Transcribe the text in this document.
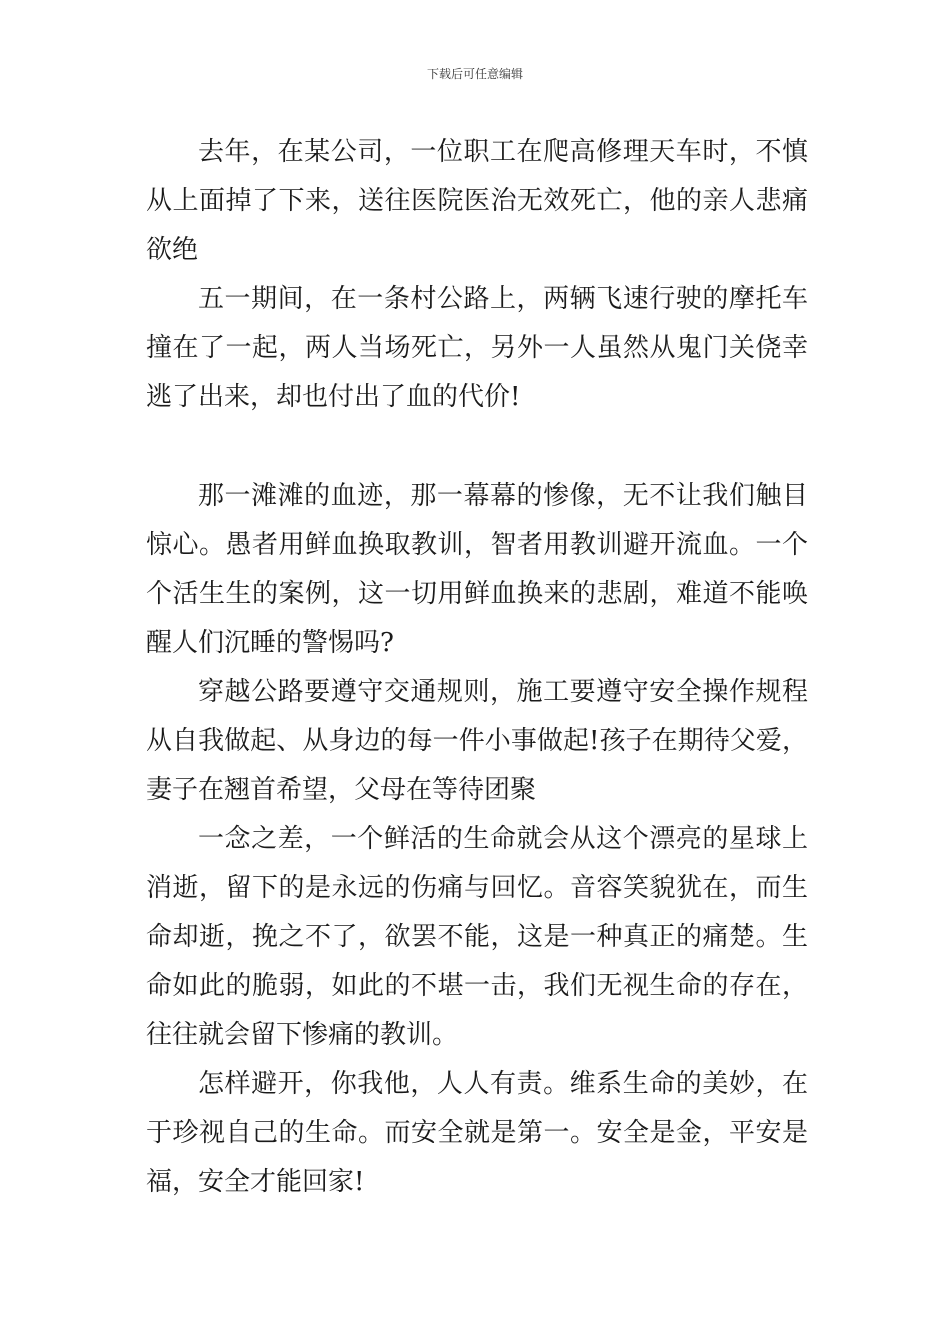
下载后可任意编辑

去年，在某公司，一位职工在爬高修理天车时，不慎从上面掉了下来，送往医院医治无效死亡，他的亲人悲痛欲绝

五一期间，在一条村公路上，两辆飞速行驶的摩托车撞在了一起，两人当场死亡，另外一人虽然从鬼门关侥幸逃了出来，却也付出了血的代价!

那一滩滩的血迹，那一幕幕的惨像，无不让我们触目惊心。愚者用鲜血换取教训，智者用教训避开流血。一个个活生生的案例，这一切用鲜血换来的悲剧，难道不能唤醒人们沉睡的警惕吗?

穿越公路要遵守交通规则，施工要遵守安全操作规程从自我做起、从身边的每一件小事做起!孩子在期待父爱，妻子在翘首希望，父母在等待团聚

一念之差，一个鲜活的生命就会从这个漂亮的星球上消逝，留下的是永远的伤痛与回忆。音容笑貌犹在，而生命却逝，挽之不了，欲罢不能，这是一种真正的痛楚。生命如此的脆弱，如此的不堪一击，我们无视生命的存在，往往就会留下惨痛的教训。

怎样避开，你我他，人人有责。维系生命的美妙，在于珍视自己的生命。而安全就是第一。安全是金，平安是福，安全才能回家!
